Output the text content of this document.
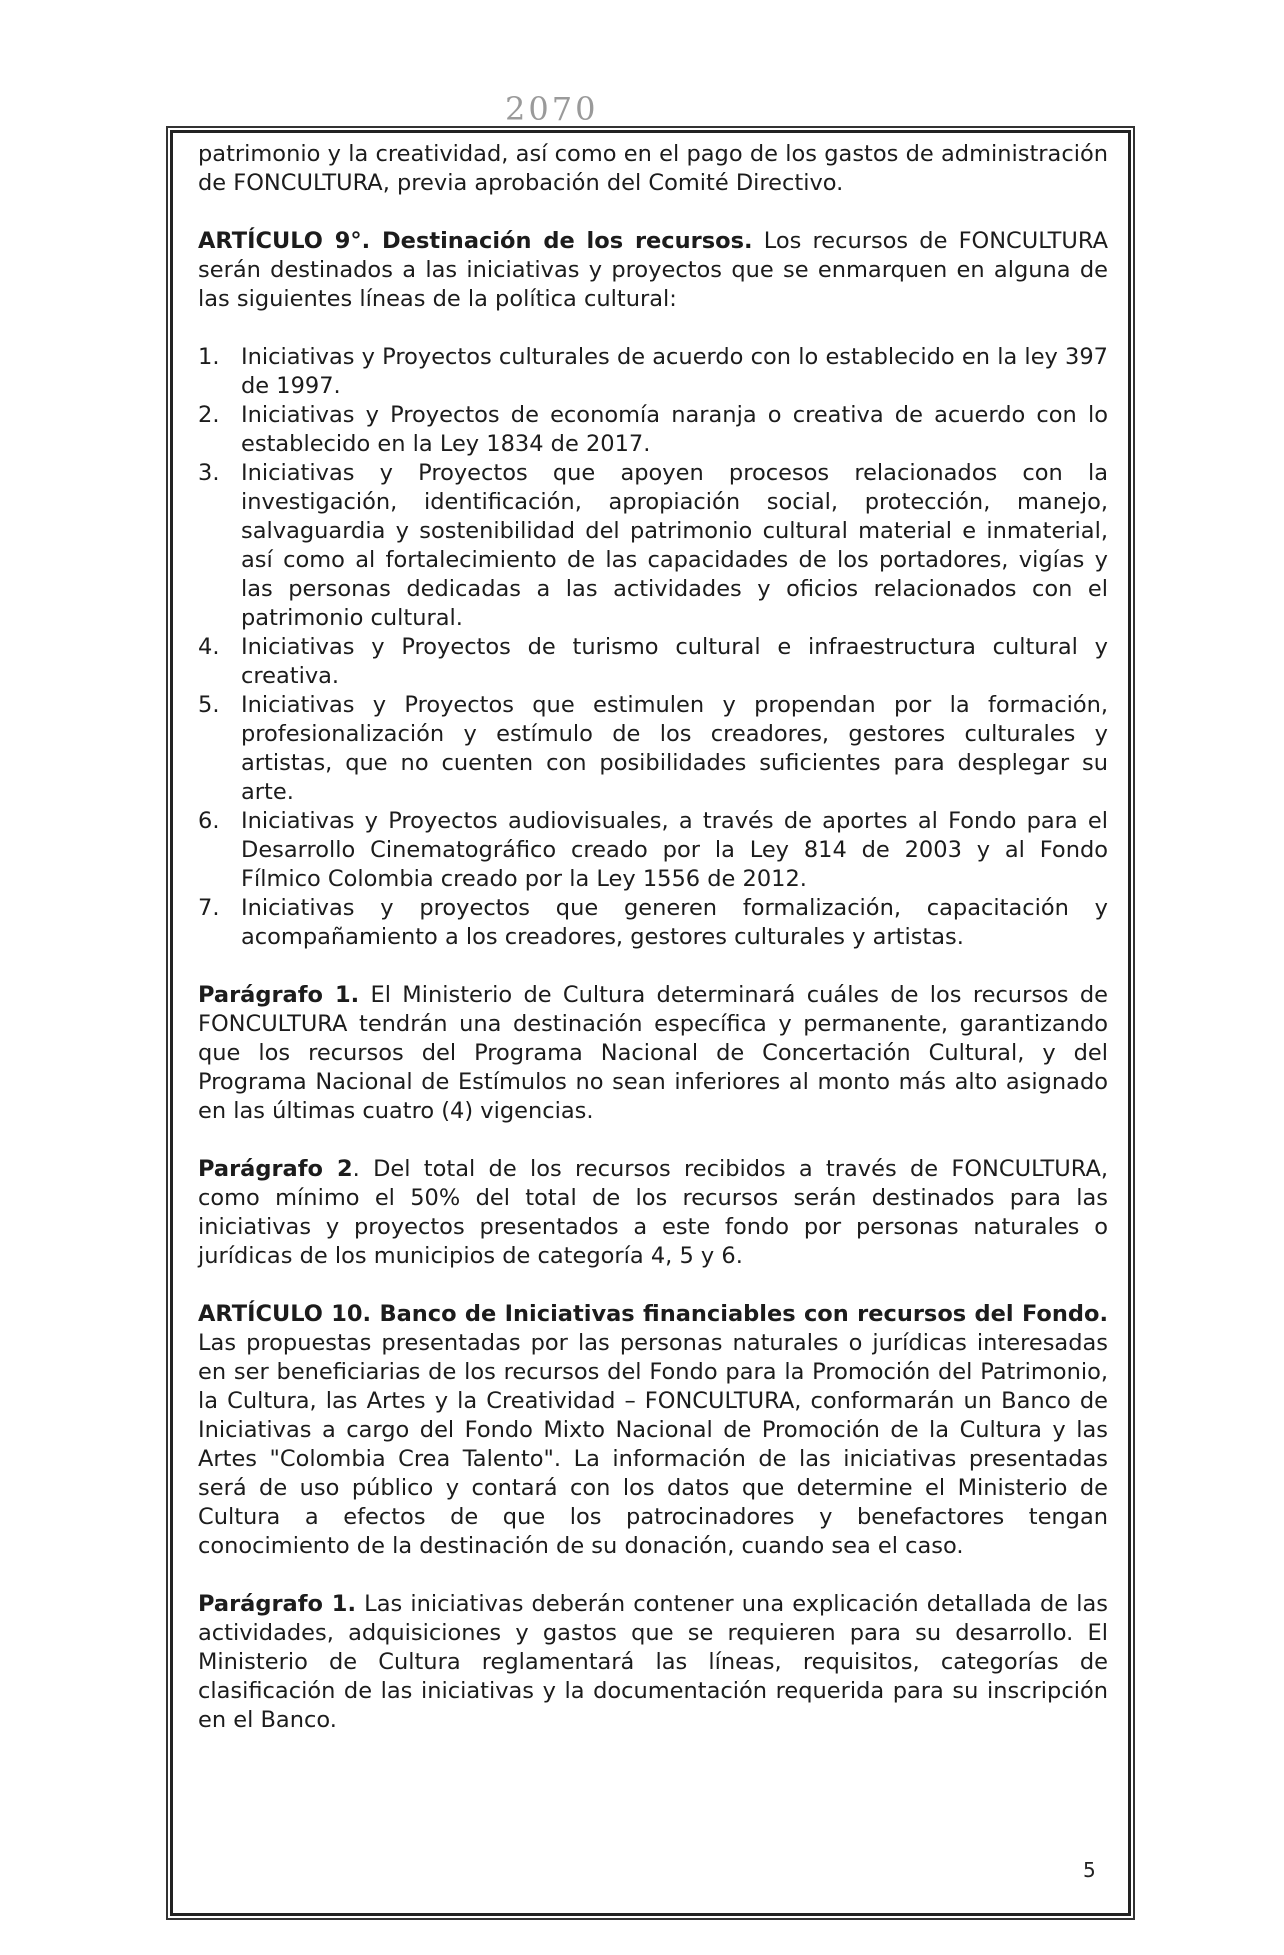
2070

patrimonio y la creatividad, así como en el pago de los gastos de administración de FONCULTURA, previa aprobación del Comité Directivo.

ARTÍCULO 9°. Destinación de los recursos. Los recursos de FONCULTURA serán destinados a las iniciativas y proyectos que se enmarquen en alguna de las siguientes líneas de la política cultural:

1. Iniciativas y Proyectos culturales de acuerdo con lo establecido en la ley 397 de 1997.
2. Iniciativas y Proyectos de economía naranja o creativa de acuerdo con lo establecido en la Ley 1834 de 2017.
3. Iniciativas y Proyectos que apoyen procesos relacionados con la investigación, identificación, apropiación social, protección, manejo, salvaguardia y sostenibilidad del patrimonio cultural material e inmaterial, así como al fortalecimiento de las capacidades de los portadores, vigías y las personas dedicadas a las actividades y oficios relacionados con el patrimonio cultural.
4. Iniciativas y Proyectos de turismo cultural e infraestructura cultural y creativa.
5. Iniciativas y Proyectos que estimulen y propendan por la formación, profesionalización y estímulo de los creadores, gestores culturales y artistas, que no cuenten con posibilidades suficientes para desplegar su arte.
6. Iniciativas y Proyectos audiovisuales, a través de aportes al Fondo para el Desarrollo Cinematográfico creado por la Ley 814 de 2003 y al Fondo Fílmico Colombia creado por la Ley 1556 de 2012.
7. Iniciativas y proyectos que generen formalización, capacitación y acompañamiento a los creadores, gestores culturales y artistas.

Parágrafo 1. El Ministerio de Cultura determinará cuáles de los recursos de FONCULTURA tendrán una destinación específica y permanente, garantizando que los recursos del Programa Nacional de Concertación Cultural, y del Programa Nacional de Estímulos no sean inferiores al monto más alto asignado en las últimas cuatro (4) vigencias.

Parágrafo 2. Del total de los recursos recibidos a través de FONCULTURA, como mínimo el 50% del total de los recursos serán destinados para las iniciativas y proyectos presentados a este fondo por personas naturales o jurídicas de los municipios de categoría 4, 5 y 6.

ARTÍCULO 10. Banco de Iniciativas financiables con recursos del Fondo. Las propuestas presentadas por las personas naturales o jurídicas interesadas en ser beneficiarias de los recursos del Fondo para la Promoción del Patrimonio, la Cultura, las Artes y la Creatividad – FONCULTURA, conformarán un Banco de Iniciativas a cargo del Fondo Mixto Nacional de Promoción de la Cultura y las Artes "Colombia Crea Talento". La información de las iniciativas presentadas será de uso público y contará con los datos que determine el Ministerio de Cultura a efectos de que los patrocinadores y benefactores tengan conocimiento de la destinación de su donación, cuando sea el caso.

Parágrafo 1. Las iniciativas deberán contener una explicación detallada de las actividades, adquisiciones y gastos que se requieren para su desarrollo. El Ministerio de Cultura reglamentará las líneas, requisitos, categorías de clasificación de las iniciativas y la documentación requerida para su inscripción en el Banco.

5
